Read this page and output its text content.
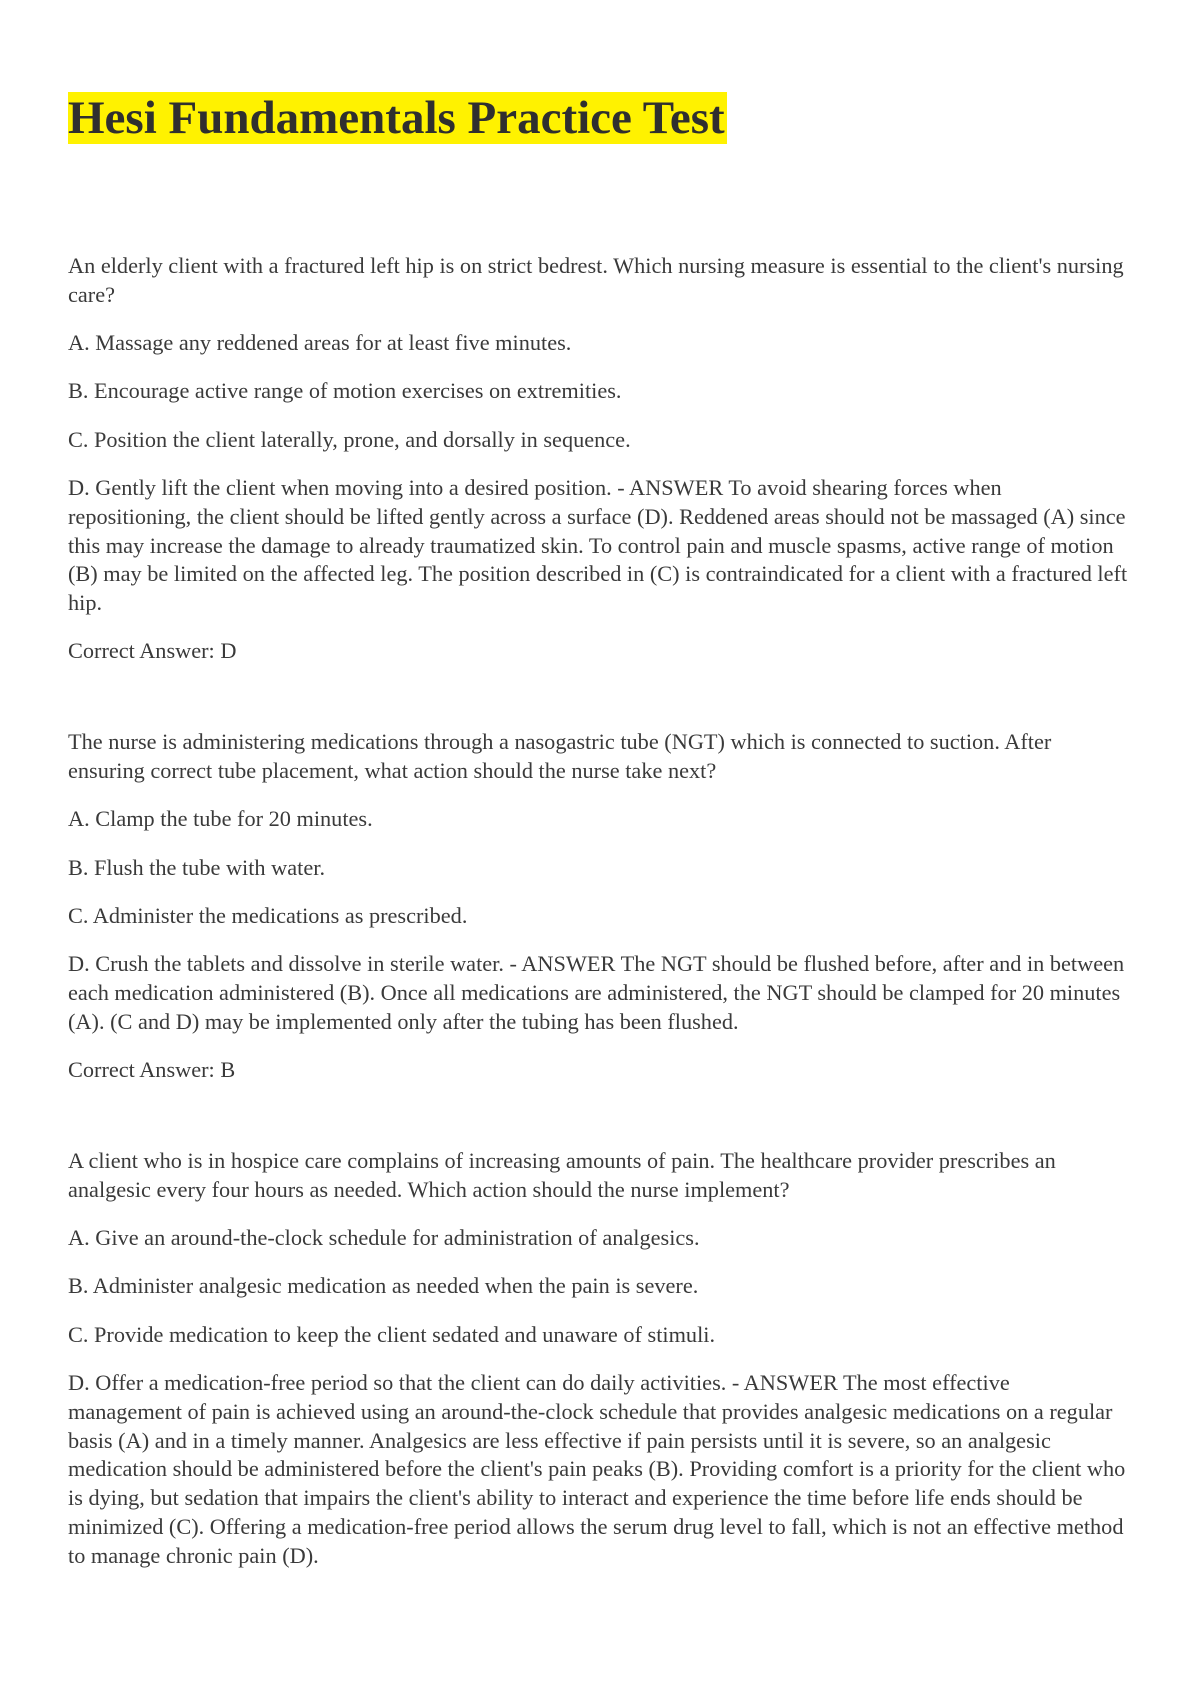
Hesi Fundamentals Practice Test

An elderly client with a fractured left hip is on strict bedrest. Which nursing measure is essential to the client's nursing care?

A. Massage any reddened areas for at least five minutes.

B. Encourage active range of motion exercises on extremities.

C. Position the client laterally, prone, and dorsally in sequence.

D. Gently lift the client when moving into a desired position. - ANSWER To avoid shearing forces when repositioning, the client should be lifted gently across a surface (D). Reddened areas should not be massaged (A) since this may increase the damage to already traumatized skin. To control pain and muscle spasms, active range of motion (B) may be limited on the affected leg. The position described in (C) is contraindicated for a client with a fractured left hip.

Correct Answer: D

The nurse is administering medications through a nasogastric tube (NGT) which is connected to suction. After ensuring correct tube placement, what action should the nurse take next?

A. Clamp the tube for 20 minutes.

B. Flush the tube with water.

C. Administer the medications as prescribed.

D. Crush the tablets and dissolve in sterile water. - ANSWER The NGT should be flushed before, after and in between each medication administered (B). Once all medications are administered, the NGT should be clamped for 20 minutes (A). (C and D) may be implemented only after the tubing has been flushed.

Correct Answer: B

A client who is in hospice care complains of increasing amounts of pain. The healthcare provider prescribes an analgesic every four hours as needed. Which action should the nurse implement?

A. Give an around-the-clock schedule for administration of analgesics.

B. Administer analgesic medication as needed when the pain is severe.

C. Provide medication to keep the client sedated and unaware of stimuli.

D. Offer a medication-free period so that the client can do daily activities. - ANSWER The most effective management of pain is achieved using an around-the-clock schedule that provides analgesic medications on a regular basis (A) and in a timely manner. Analgesics are less effective if pain persists until it is severe, so an analgesic medication should be administered before the client's pain peaks (B). Providing comfort is a priority for the client who is dying, but sedation that impairs the client's ability to interact and experience the time before life ends should be minimized (C). Offering a medication-free period allows the serum drug level to fall, which is not an effective method to manage chronic pain (D).
